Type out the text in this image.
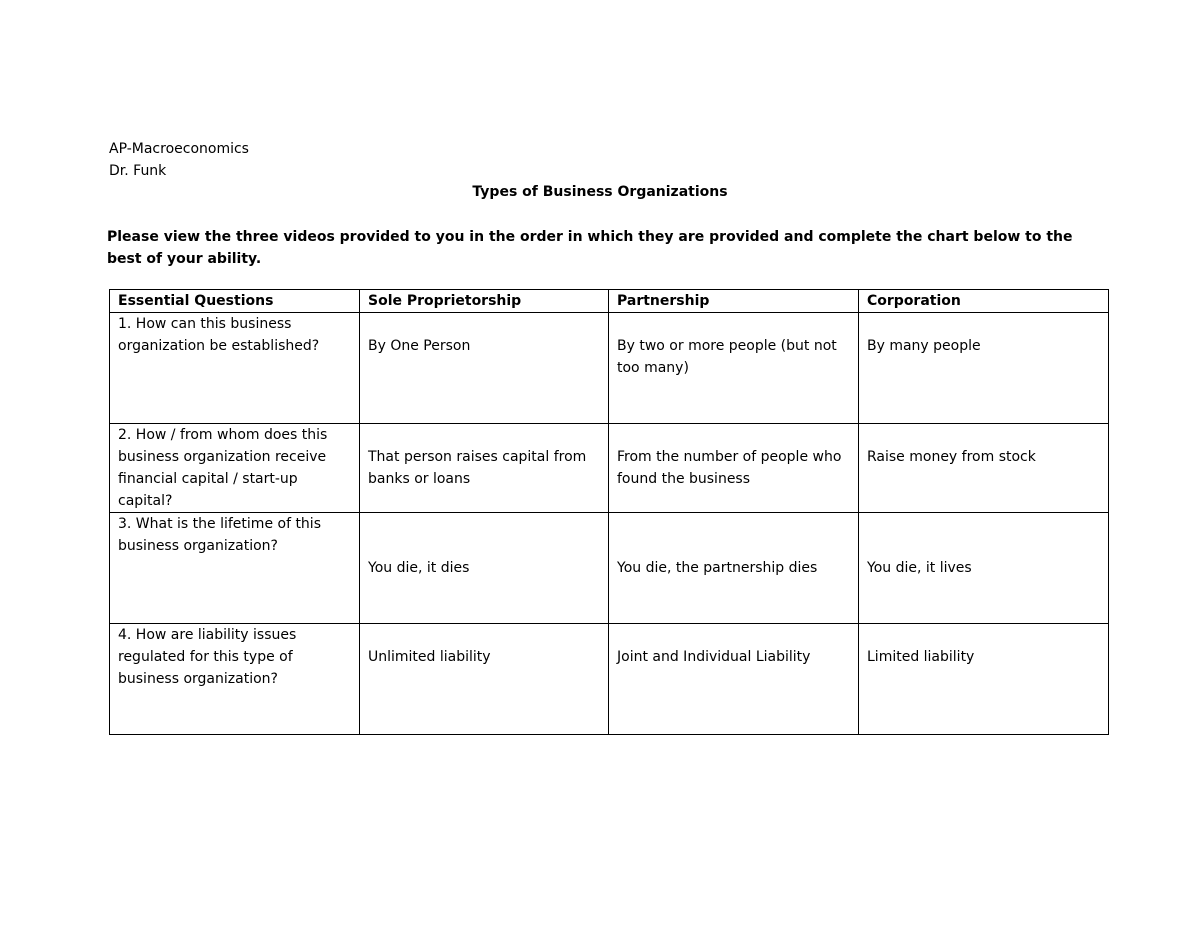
AP-Macroeconomics
Dr. Funk
Types of Business Organizations
Please view the three videos provided to you in the order in which they are provided and complete the chart below to the best of your ability.
Essential Questions	Sole Proprietorship	Partnership	Corporation

1. How can this business organization be established?	By One Person	By two or more people (but not too many)	By many people

2. How / from whom does this business organization receive financial capital / start-up capital?	That person raises capital from banks or loans	From the number of people who found the business	Raise money from stock

3. What is the lifetime of this business organization?	You die, it dies	You die, the partnership dies	You die, it lives

4. How are liability issues regulated for this type of business organization?	Unlimited liability	Joint and Individual Liability	Limited liability
